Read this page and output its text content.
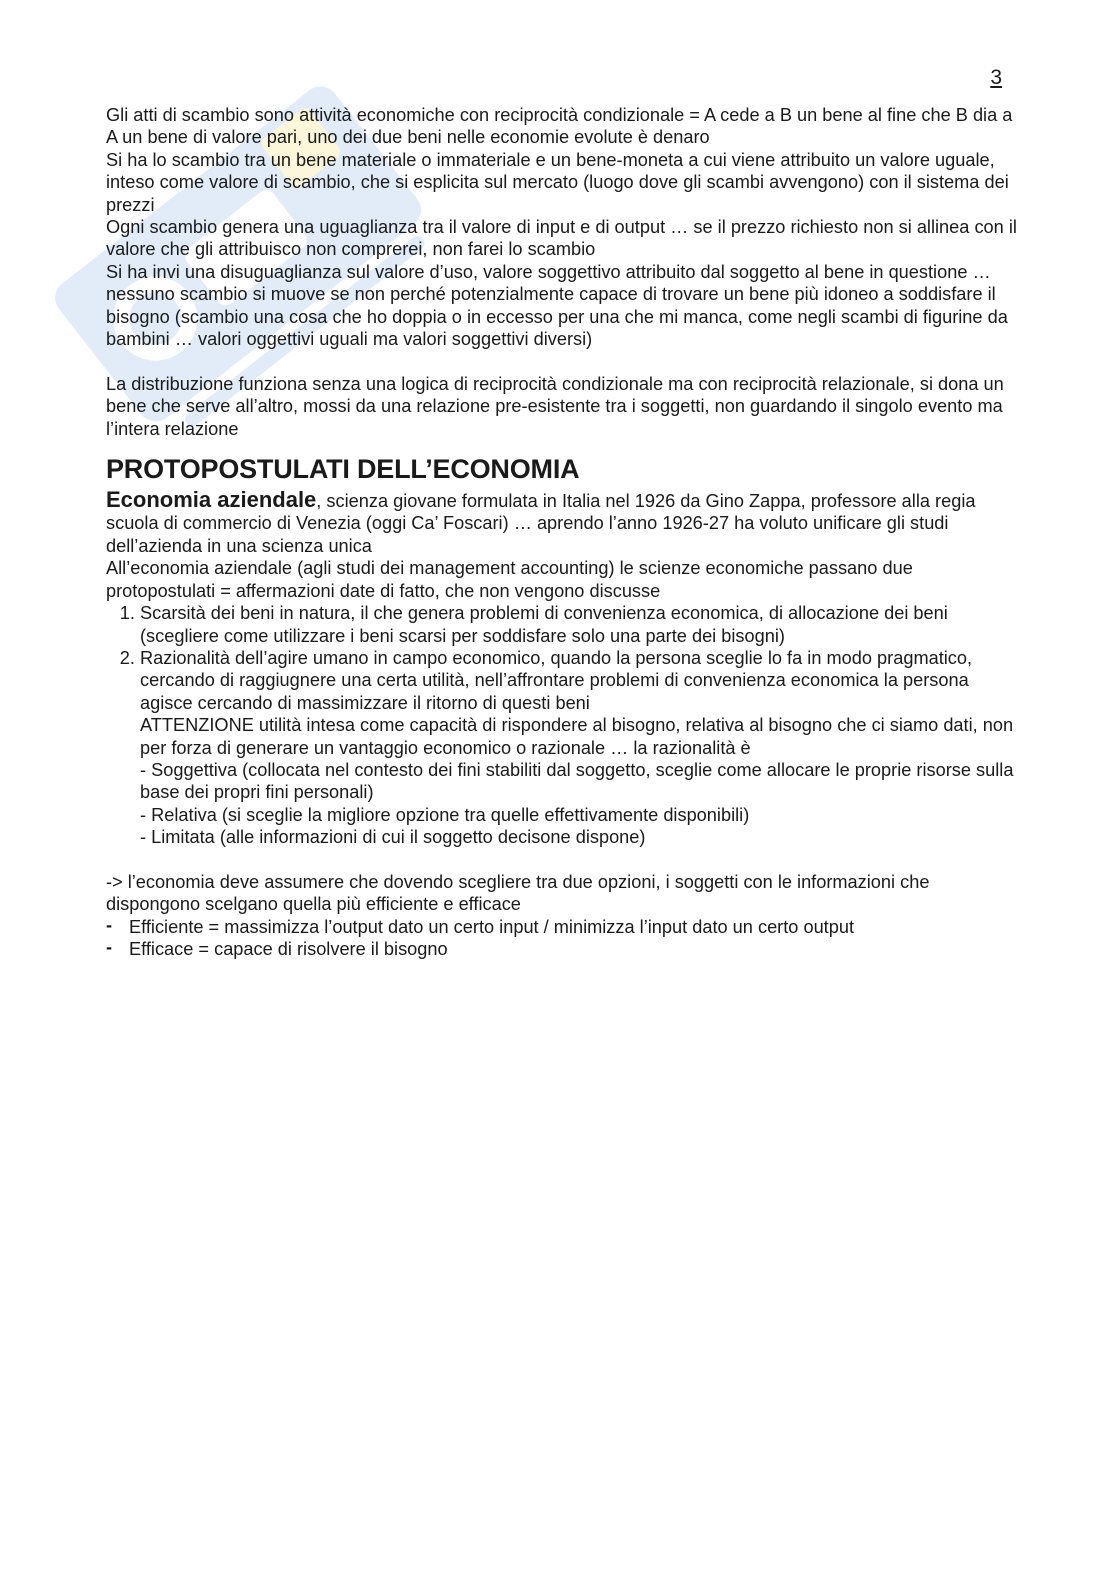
3

Gli atti di scambio sono attività economiche con reciprocità condizionale = A cede a B un bene al fine che B dia a A un bene di valore pari, uno dei due beni nelle economie evolute è denaro

Si ha lo scambio tra un bene materiale o immateriale e un bene-moneta a cui viene attribuito un valore uguale, inteso come valore di scambio, che si esplicita sul mercato (luogo dove gli scambi avvengono) con il sistema dei prezzi

Ogni scambio genera una uguaglianza tra il valore di input e di output … se il prezzo richiesto non si allinea con il valore che gli attribuisco non comprerei, non farei lo scambio

Si ha invi una disuguaglianza sul valore d’uso, valore soggettivo attribuito dal soggetto al bene in questione … nessuno scambio si muove se non perché potenzialmente capace di trovare un bene più idoneo a soddisfare il bisogno (scambio una cosa che ho doppia o in eccesso per una che mi manca, come negli scambi di figurine da bambini … valori oggettivi uguali ma valori soggettivi diversi)

La distribuzione funziona senza una logica di reciprocità condizionale ma con reciprocità relazionale, si dona un bene che serve all’altro, mossi da una relazione pre-esistente tra i soggetti, non guardando il singolo evento ma l’intera relazione

PROTOPOSTULATI DELL’ECONOMIA

Economia aziendale, scienza giovane formulata in Italia nel 1926 da Gino Zappa, professore alla regia scuola di commercio di Venezia (oggi Ca’ Foscari) … aprendo l’anno 1926-27 ha voluto unificare gli studi dell’azienda in una scienza unica

All’economia aziendale (agli studi dei management accounting) le scienze economiche passano due protopostulati = affermazioni date di fatto, che non vengono discusse

1. Scarsità dei beni in natura, il che genera problemi di convenienza economica, di allocazione dei beni (scegliere come utilizzare i beni scarsi per soddisfare solo una parte dei bisogni)
2. Razionalità dell’agire umano in campo economico, quando la persona sceglie lo fa in modo pragmatico, cercando di raggiugnere una certa utilità, nell’affrontare problemi di convenienza economica la persona agisce cercando di massimizzare il ritorno di questi beni
ATTENZIONE utilità intesa come capacità di rispondere al bisogno, relativa al bisogno che ci siamo dati, non per forza di generare un vantaggio economico o razionale … la razionalità è
- Soggettiva (collocata nel contesto dei fini stabiliti dal soggetto, sceglie come allocare le proprie risorse sulla base dei propri fini personali)
- Relativa (si sceglie la migliore opzione tra quelle effettivamente disponibili)
- Limitata (alle informazioni di cui il soggetto decisone dispone)

-> l’economia deve assumere che dovendo scegliere tra due opzioni, i soggetti con le informazioni che dispongono scelgano quella più efficiente e efficace

- Efficiente = massimizza l’output dato un certo input / minimizza l’input dato un certo output
- Efficace = capace di risolvere il bisogno
